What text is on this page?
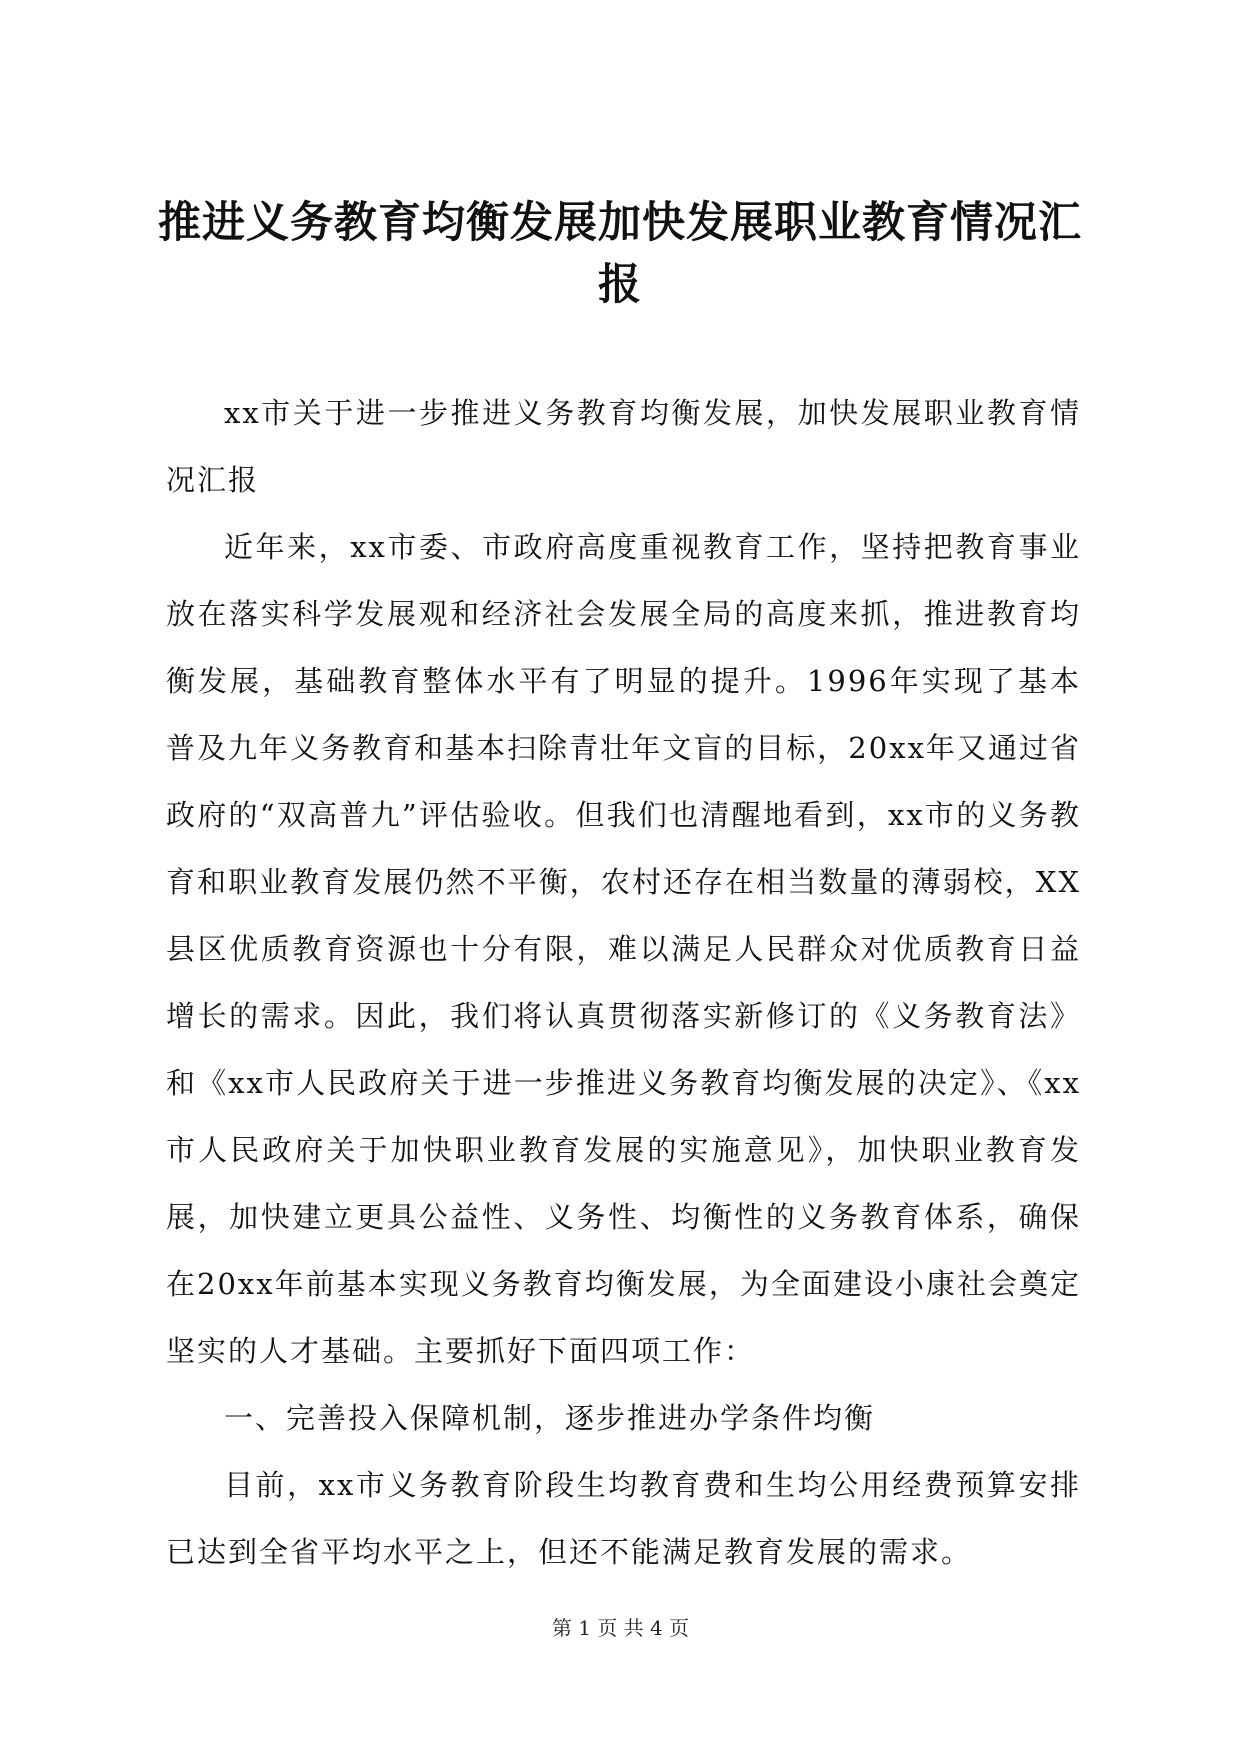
推进义务教育均衡发展加快发展职业教育情况汇报

xx市关于进一步推进义务教育均衡发展，加快发展职业教育情况汇报

近年来，xx市委、市政府高度重视教育工作，坚持把教育事业放在落实科学发展观和经济社会发展全局的高度来抓，推进教育均衡发展，基础教育整体水平有了明显的提升。1996年实现了基本普及九年义务教育和基本扫除青壮年文盲的目标，20xx年又通过省政府的“双高普九”评估验收。但我们也清醒地看到，xx市的义务教育和职业教育发展仍然不平衡，农村还存在相当数量的薄弱校，XX县区优质教育资源也十分有限，难以满足人民群众对优质教育日益增长的需求。因此，我们将认真贯彻落实新修订的《义务教育法》和《xx市人民政府关于进一步推进义务教育均衡发展的决定》、《xx市人民政府关于加快职业教育发展的实施意见》，加快职业教育发展，加快建立更具公益性、义务性、均衡性的义务教育体系，确保在20xx年前基本实现义务教育均衡发展，为全面建设小康社会奠定坚实的人才基础。主要抓好下面四项工作：

一、完善投入保障机制，逐步推进办学条件均衡

目前，xx市义务教育阶段生均教育费和生均公用经费预算安排已达到全省平均水平之上，但还不能满足教育发展的需求。

第 1 页 共 4 页
